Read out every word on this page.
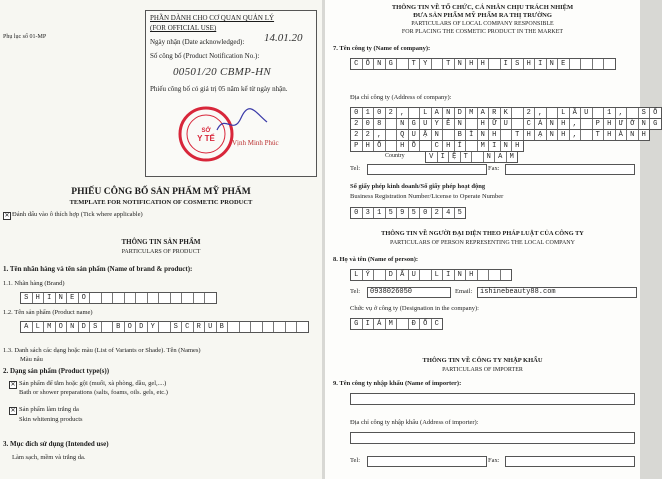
Phụ lục số 01-MP
PHẦN DÀNH CHO CƠ QUAN QUẢN LÝ
(FOR OFFICIAL USE)
Ngày nhận (Date acknowledged): 14.01.20
Số công bố (Product Notification No.):
00501/20 CBMP-HN
Phiếu công bố có giá trị 05 năm kể từ ngày nhận.
SỞ
Y TẾ Vịnh Minh Phúc
PHIẾU CÔNG BỐ SẢN PHẨM MỸ PHẨM
TEMPLATE FOR NOTIFICATION OF COSMETIC PRODUCT
✕ Đánh dấu vào ô thích hợp (Tick where applicable)
THÔNG TIN SẢN PHẨM
PARTICULARS OF PRODUCT
1. Tên nhãn hàng và tên sản phẩm (Name of brand & product):
1.1. Nhãn hàng (Brand)
S	H	I	N	E	O
1.2. Tên sản phẩm (Product name)
A	L	M	O	N	D	S	B	O	D	Y	S	C	R	U	B
1.3. Danh sách các dạng hoặc màu (List of Variants or Shade). Tên (Names)
Màu nâu
2. Dạng sản phẩm (Product type(s))
✕ Sản phẩm để tắm hoặc gội (muối, xà phòng, dầu, gel,....)
Bath or shower preparations (salts, foams, oils. gels, etc.)
✕ Sản phẩm làm trắng da
Skin whitening products
3. Mục đích sử dụng (Intended use)
Làm sạch, mềm và trắng da.
THÔNG TIN VỀ TỔ CHỨC, CÁ NHÂN CHỊU TRÁCH NHIỆM
ĐƯA SẢN PHẨM MỸ PHẨM RA THỊ TRƯỜNG
PARTICULARS OF LOCAL COMPANY RESPONSIBLE
FOR PLACING THE COSMETIC PRODUCT IN THE MARKET
7. Tên công ty (Name of company):
C	Ô	N	G	T	Y	T	N	H	H	I	S	H	I	N	E
Địa chỉ công ty (Address of company):
0	1	0	2	,	L	A	N	D	M	A	R	K	2	,	L	Ầ	U	1	,	S	Ố
2	0	8	N	G	U	Y	Ễ	N	H	Ữ	U	C	Ả	N	H	,	P	H	Ư	Ờ	N	G
2	2	,	Q	U	Ậ	N	B	Ì	N	H	T	H	Ạ	N	H	,	T	H	À	N	H
P	H	Ố	H	Ồ	C	H	Í	M	I	N	H
Country	V	I	Ệ	T	N	A	M
Tel:	Fax:
Số giấy phép kinh doanh/Số giấy phép hoạt động
Business Registration Number/License to Operate Number
0	3	1	5	9	5	0	2	4	5
THÔNG TIN VỀ NGƯỜI ĐẠI DIỆN THEO PHÁP LUẬT CỦA CÔNG TY
PARTICULARS OF PERSON REPRESENTING THE LOCAL COMPANY
8. Họ và tên (Name of person):
L	Ý	D	Ấ	U	L	I	N	H
Tel:	0938026050	Email:	ishinebeauty88.com
Chức vụ ở công ty (Designation in the company):
G	I	Á	M	Đ	Ố	C
THÔNG TIN VỀ CÔNG TY NHẬP KHẨU
PARTICULARS OF IMPORTER
9. Tên công ty nhập khẩu (Name of importer):
Địa chỉ công ty nhập khẩu (Address of importer):
Tel:	Fax:
